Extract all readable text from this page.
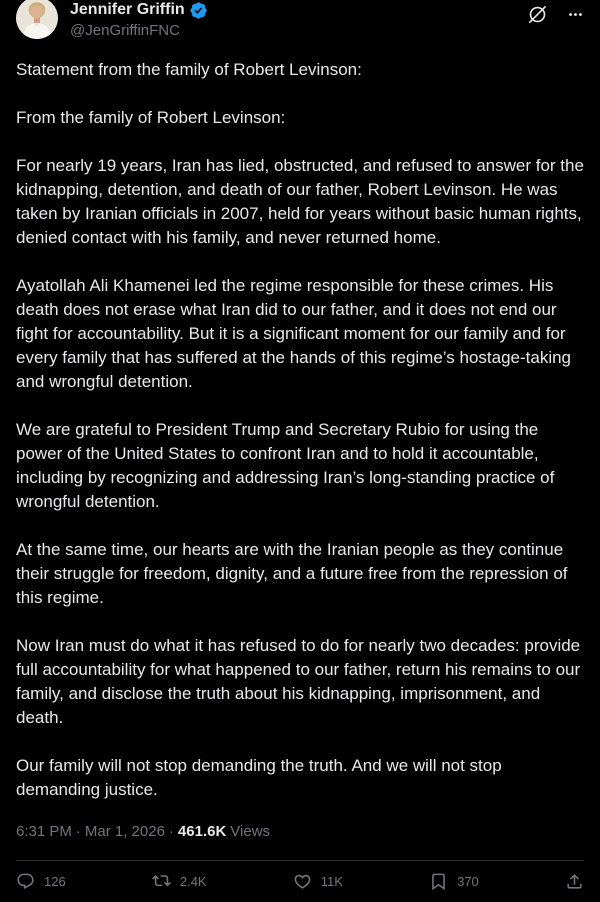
Jennifer Griffin
@JenGriffinFNC

Statement from the family of Robert Levinson:

From the family of Robert Levinson:

For nearly 19 years, Iran has lied, obstructed, and refused to answer for the kidnapping, detention, and death of our father, Robert Levinson. He was taken by Iranian officials in 2007, held for years without basic human rights, denied contact with his family, and never returned home.

Ayatollah Ali Khamenei led the regime responsible for these crimes. His death does not erase what Iran did to our father, and it does not end our fight for accountability. But it is a significant moment for our family and for every family that has suffered at the hands of this regime’s hostage-taking and wrongful detention.

We are grateful to President Trump and Secretary Rubio for using the power of the United States to confront Iran and to hold it accountable, including by recognizing and addressing Iran’s long-standing practice of wrongful detention.

At the same time, our hearts are with the Iranian people as they continue their struggle for freedom, dignity, and a future free from the repression of this regime.

Now Iran must do what it has refused to do for nearly two decades: provide full accountability for what happened to our father, return his remains to our family, and disclose the truth about his kidnapping, imprisonment, and death.

Our family will not stop demanding the truth. And we will not stop demanding justice.

6:31 PM · Mar 1, 2026 · 461.6K Views
126	2.4K	11K	370
